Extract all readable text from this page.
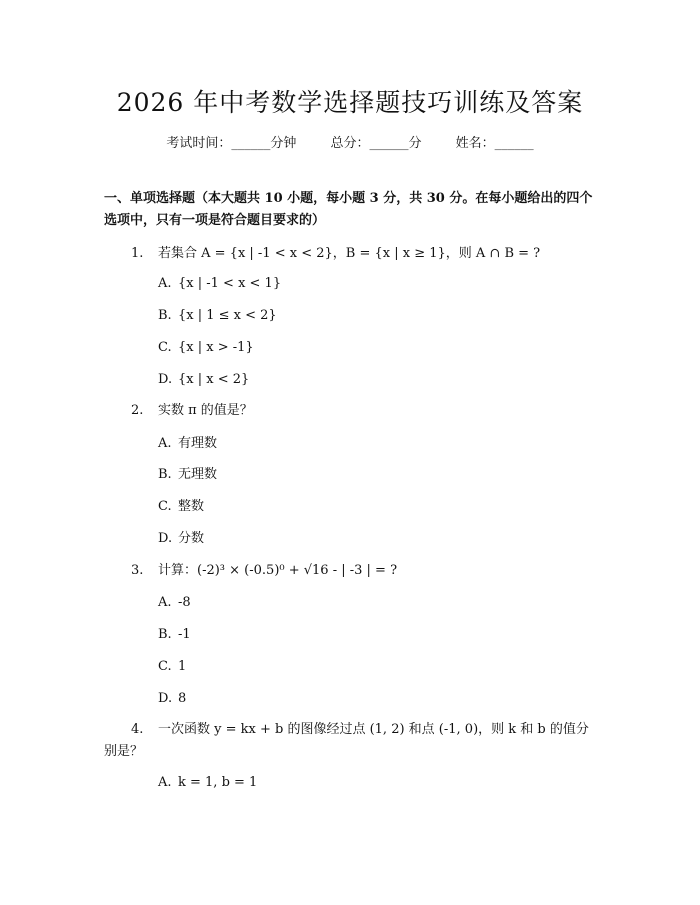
2026 年中考数学选择题技巧训练及答案
考试时间：______分钟	总分：______分	姓名：______
一、单项选择题（本大题共 10 小题，每小题 3 分，共 30 分。在每小题给出的四个选项中，只有一项是符合题目要求的）
1. 若集合 A = {x | -1 < x < 2}，B = {x | x ≥ 1}，则 A ∩ B = ?
A. {x | -1 < x < 1}
B. {x | 1 ≤ x < 2}
C. {x | x > -1}
D. {x | x < 2}
2. 实数 π 的值是？
A. 有理数
B. 无理数
C. 整数
D. 分数
3. 计算：(-2)³ × (-0.5)⁰ + √16 - | -3 | = ?
A. -8
B. -1
C. 1
D. 8
4. 一次函数 y = kx + b 的图像经过点 (1, 2) 和点 (-1, 0)，则 k 和 b 的值分别是？
A. k = 1, b = 1
